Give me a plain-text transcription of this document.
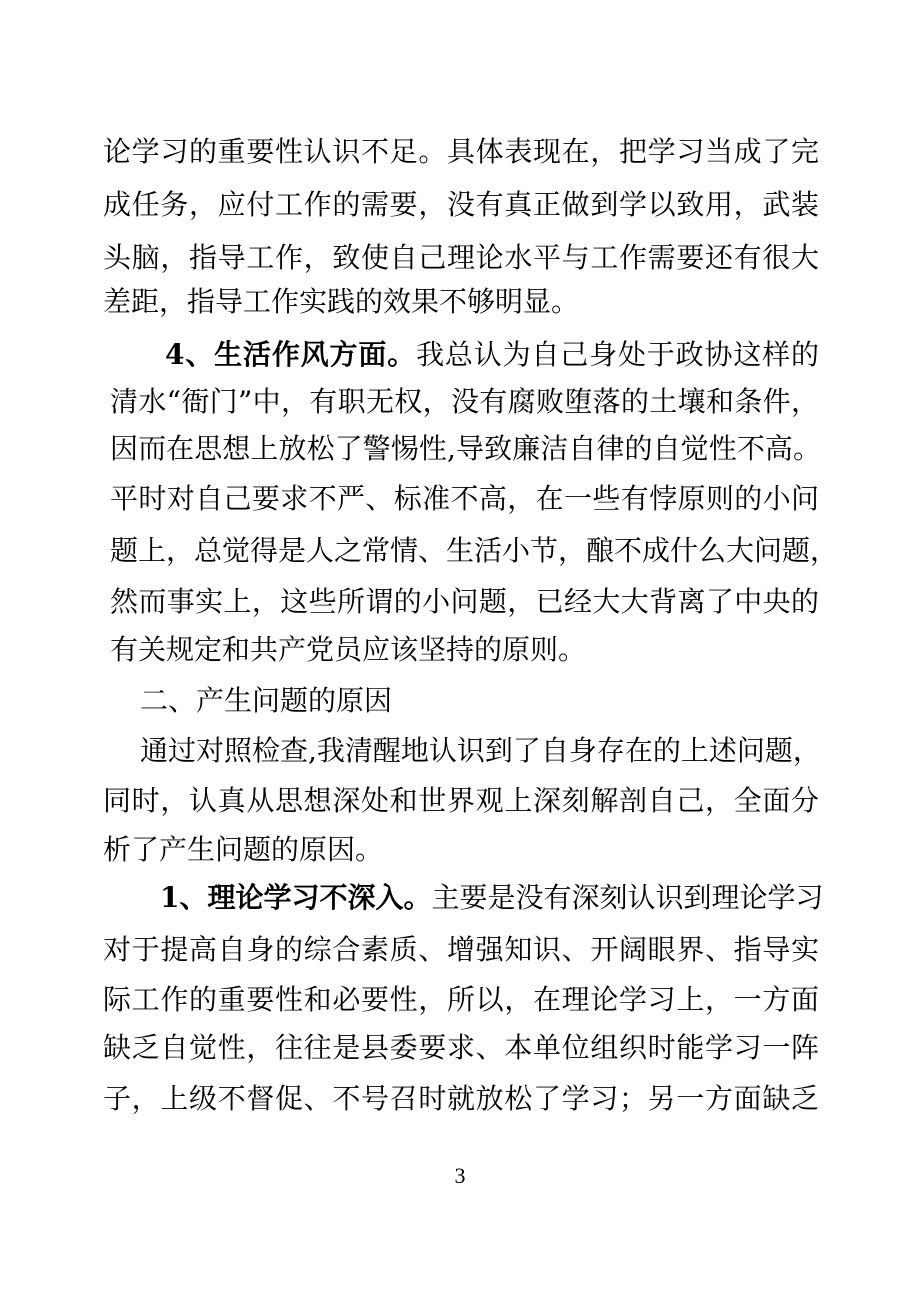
论学习的重要性认识不足。具体表现在，把学习当成了完
成任务，应付工作的需要，没有真正做到学以致用，武装
头脑，指导工作，致使自己理论水平与工作需要还有很大
差距，指导工作实践的效果不够明显。
4、生活作风方面。我总认为自己身处于政协这样的
清水“衙门”中，有职无权，没有腐败堕落的土壤和条件，
因而在思想上放松了警惕性,导致廉洁自律的自觉性不高。
平时对自己要求不严、标准不高，在一些有悖原则的小问
题上，总觉得是人之常情、生活小节，酿不成什么大问题，
然而事实上，这些所谓的小问题，已经大大背离了中央的
有关规定和共产党员应该坚持的原则。
二、产生问题的原因
通过对照检查,我清醒地认识到了自身存在的上述问题，
同时，认真从思想深处和世界观上深刻解剖自己，全面分
析了产生问题的原因。
1、理论学习不深入。主要是没有深刻认识到理论学习
对于提高自身的综合素质、增强知识、开阔眼界、指导实
际工作的重要性和必要性，所以，在理论学习上，一方面
缺乏自觉性，往往是县委要求、本单位组织时能学习一阵
子，上级不督促、不号召时就放松了学习；另一方面缺乏
3
